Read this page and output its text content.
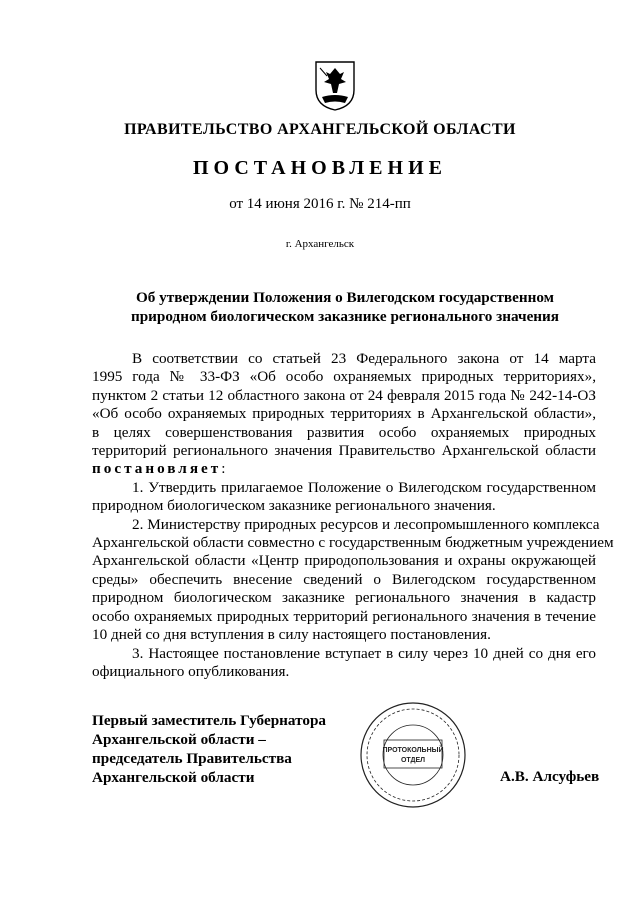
ПРАВИТЕЛЬСТВО АРХАНГЕЛЬСКОЙ ОБЛАСТИ
ПОСТАНОВЛЕНИЕ
от 14 июня 2016 г. № 214-пп
г. Архангельск
Об утверждении Положения о Вилегодском государственном
природном биологическом заказнике регионального значения

В соответствии со статьей 23 Федерального закона от 14 марта
1995 года № 33-ФЗ «Об особо охраняемых природных территориях»,
пунктом 2 статьи 12 областного закона от 24 февраля 2015 года № 242-14-ОЗ
«Об особо охраняемых природных территориях в Архангельской области»,
в целях совершенствования развития особо охраняемых природных
территорий регионального значения Правительство Архангельской области
постановляет:

1. Утвердить прилагаемое Положение о Вилегодском государственном
природном биологическом заказнике регионального значения.

2. Министерству природных ресурсов и лесопромышленного комплекса
Архангельской области совместно с государственным бюджетным учреждением
Архангельской области «Центр природопользования и охраны окружающей
среды» обеспечить внесение сведений о Вилегодском государственном
природном биологическом заказнике регионального значения в кадастр
особо охраняемых природных территорий регионального значения в течение
10 дней со дня вступления в силу настоящего постановления.

3. Настоящее постановление вступает в силу через 10 дней со дня его
официального опубликования.

Первый заместитель Губернатора
Архангельской области –
председатель Правительства
Архангельской области
ПРОТОКОЛЬНЫЙ
ОТДЕЛ
А.В. Алсуфьев
